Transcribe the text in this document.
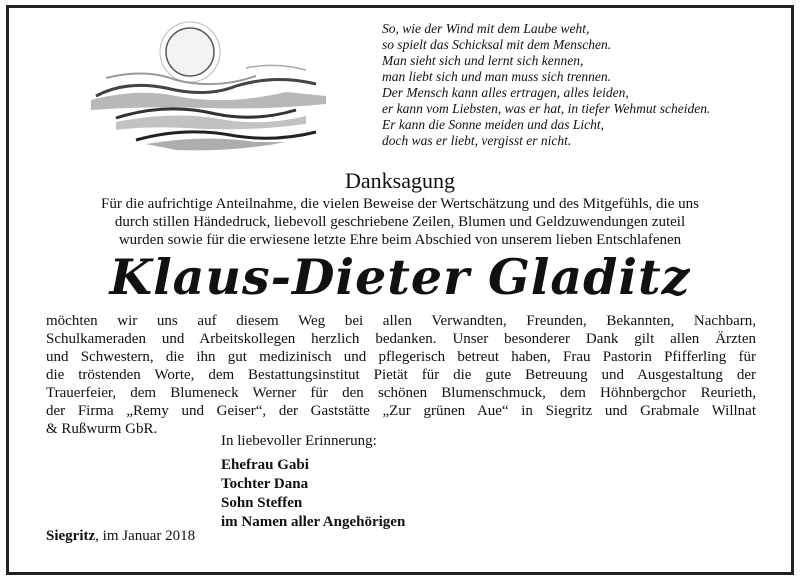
So, wie der Wind mit dem Laube weht,
so spielt das Schicksal mit dem Menschen.
Man sieht sich und lernt sich kennen,
man liebt sich und man muss sich trennen.
Der Mensch kann alles ertragen, alles leiden,
er kann vom Liebsten, was er hat, in tiefer Wehmut scheiden.
Er kann die Sonne meiden und das Licht,
doch was er liebt, vergisst er nicht.
Danksagung
Für die aufrichtige Anteilnahme, die vielen Beweise der Wertschätzung und des Mitgefühls, die uns
durch stillen Händedruck, liebevoll geschriebene Zeilen, Blumen und Geldzuwendungen zuteil
wurden sowie für die erwiesene letzte Ehre beim Abschied von unserem lieben Entschlafenen
Klaus-Dieter Gladitz
möchten wir uns auf diesem Weg bei allen Verwandten, Freunden, Bekannten, Nachbarn,
Schulkameraden und Arbeitskollegen herzlich bedanken. Unser besonderer Dank gilt allen Ärzten
und Schwestern, die ihn gut medizinisch und pflegerisch betreut haben, Frau Pastorin Pfifferling für
die tröstenden Worte, dem Bestattungsinstitut Pietät für die gute Betreuung und Ausgestaltung der
Trauerfeier, dem Blumeneck Werner für den schönen Blumenschmuck, dem Höhnbergchor Reurieth,
der Firma „Remy und Geiser“, der Gaststätte „Zur grünen Aue“ in Siegritz und Grabmale Willnat
& Rußwurm GbR.
In liebevoller Erinnerung:
Ehefrau Gabi
Tochter Dana
Sohn Steffen
im Namen aller Angehörigen
Siegritz, im Januar 2018
